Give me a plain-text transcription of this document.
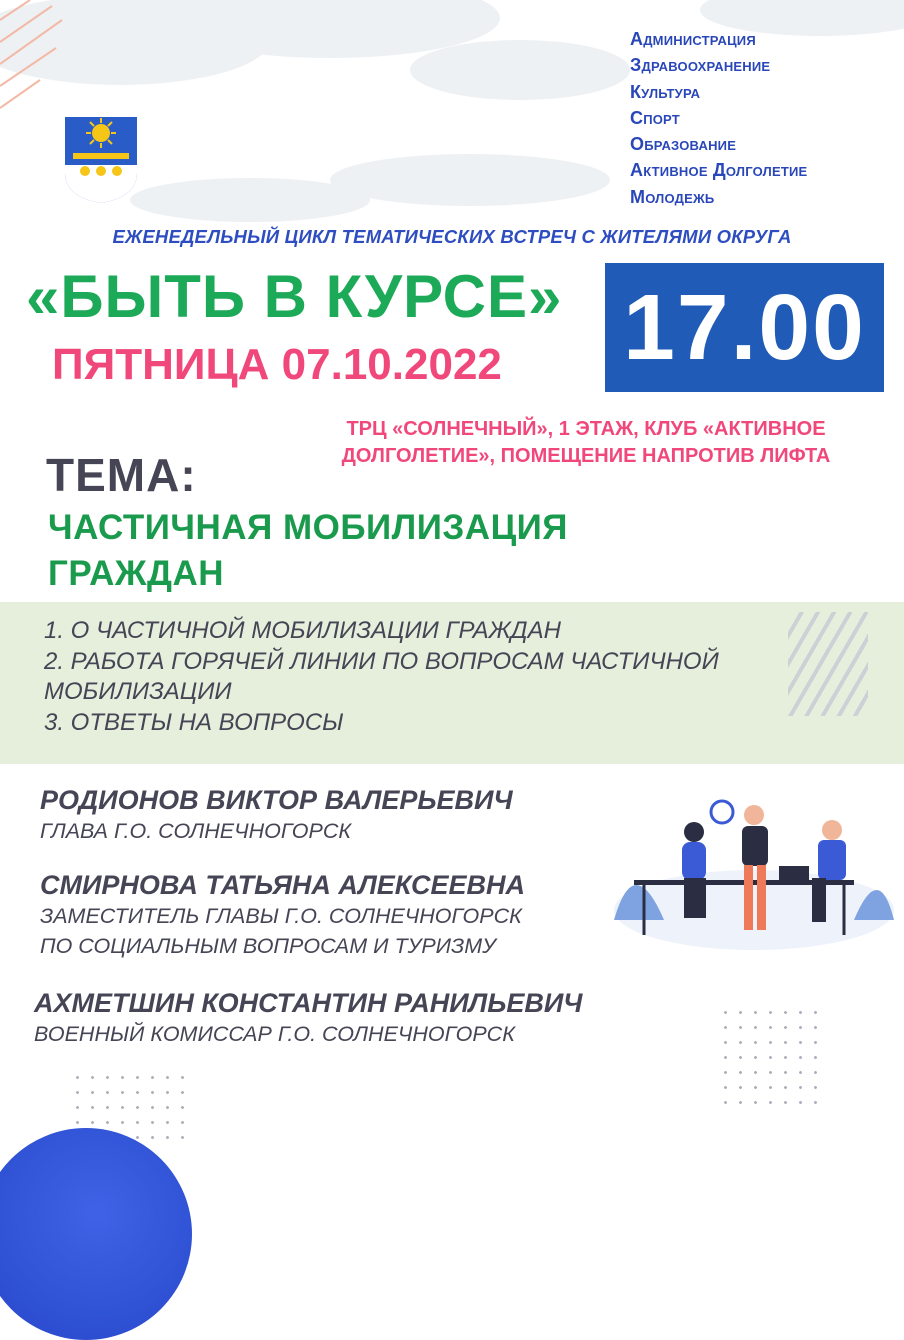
Администрация
Здравоохранение
Культура
Спорт
Образование
Активное Долголетие
Молодежь
ЕЖЕНЕДЕЛЬНЫЙ ЦИКЛ ТЕМАТИЧЕСКИХ ВСТРЕЧ С ЖИТЕЛЯМИ ОКРУГА
«БЫТЬ В КУРСЕ»
ПЯТНИЦА 07.10.2022 17.00
ТРЦ «СОЛНЕЧНЫЙ», 1 ЭТАЖ, КЛУБ «АКТИВНОЕ
ДОЛГОЛЕТИЕ», ПОМЕЩЕНИЕ НАПРОТИВ ЛИФТА
ТЕМА:
ЧАСТИЧНАЯ МОБИЛИЗАЦИЯ
ГРАЖДАН
1. О ЧАСТИЧНОЙ МОБИЛИЗАЦИИ ГРАЖДАН
2. РАБОТА ГОРЯЧЕЙ ЛИНИИ ПО ВОПРОСАМ ЧАСТИЧНОЙ
МОБИЛИЗАЦИИ
3. ОТВЕТЫ НА ВОПРОСЫ
РОДИОНОВ ВИКТОР ВАЛЕРЬЕВИЧ
ГЛАВА Г.О. СОЛНЕЧНОГОРСК
СМИРНОВА ТАТЬЯНА АЛЕКСЕЕВНА
ЗАМЕСТИТЕЛЬ ГЛАВЫ Г.О. СОЛНЕЧНОГОРСК
ПО СОЦИАЛЬНЫМ ВОПРОСАМ И ТУРИЗМУ
АХМЕТШИН КОНСТАНТИН РАНИЛЬЕВИЧ
ВОЕННЫЙ КОМИССАР Г.О. СОЛНЕЧНОГОРСК
